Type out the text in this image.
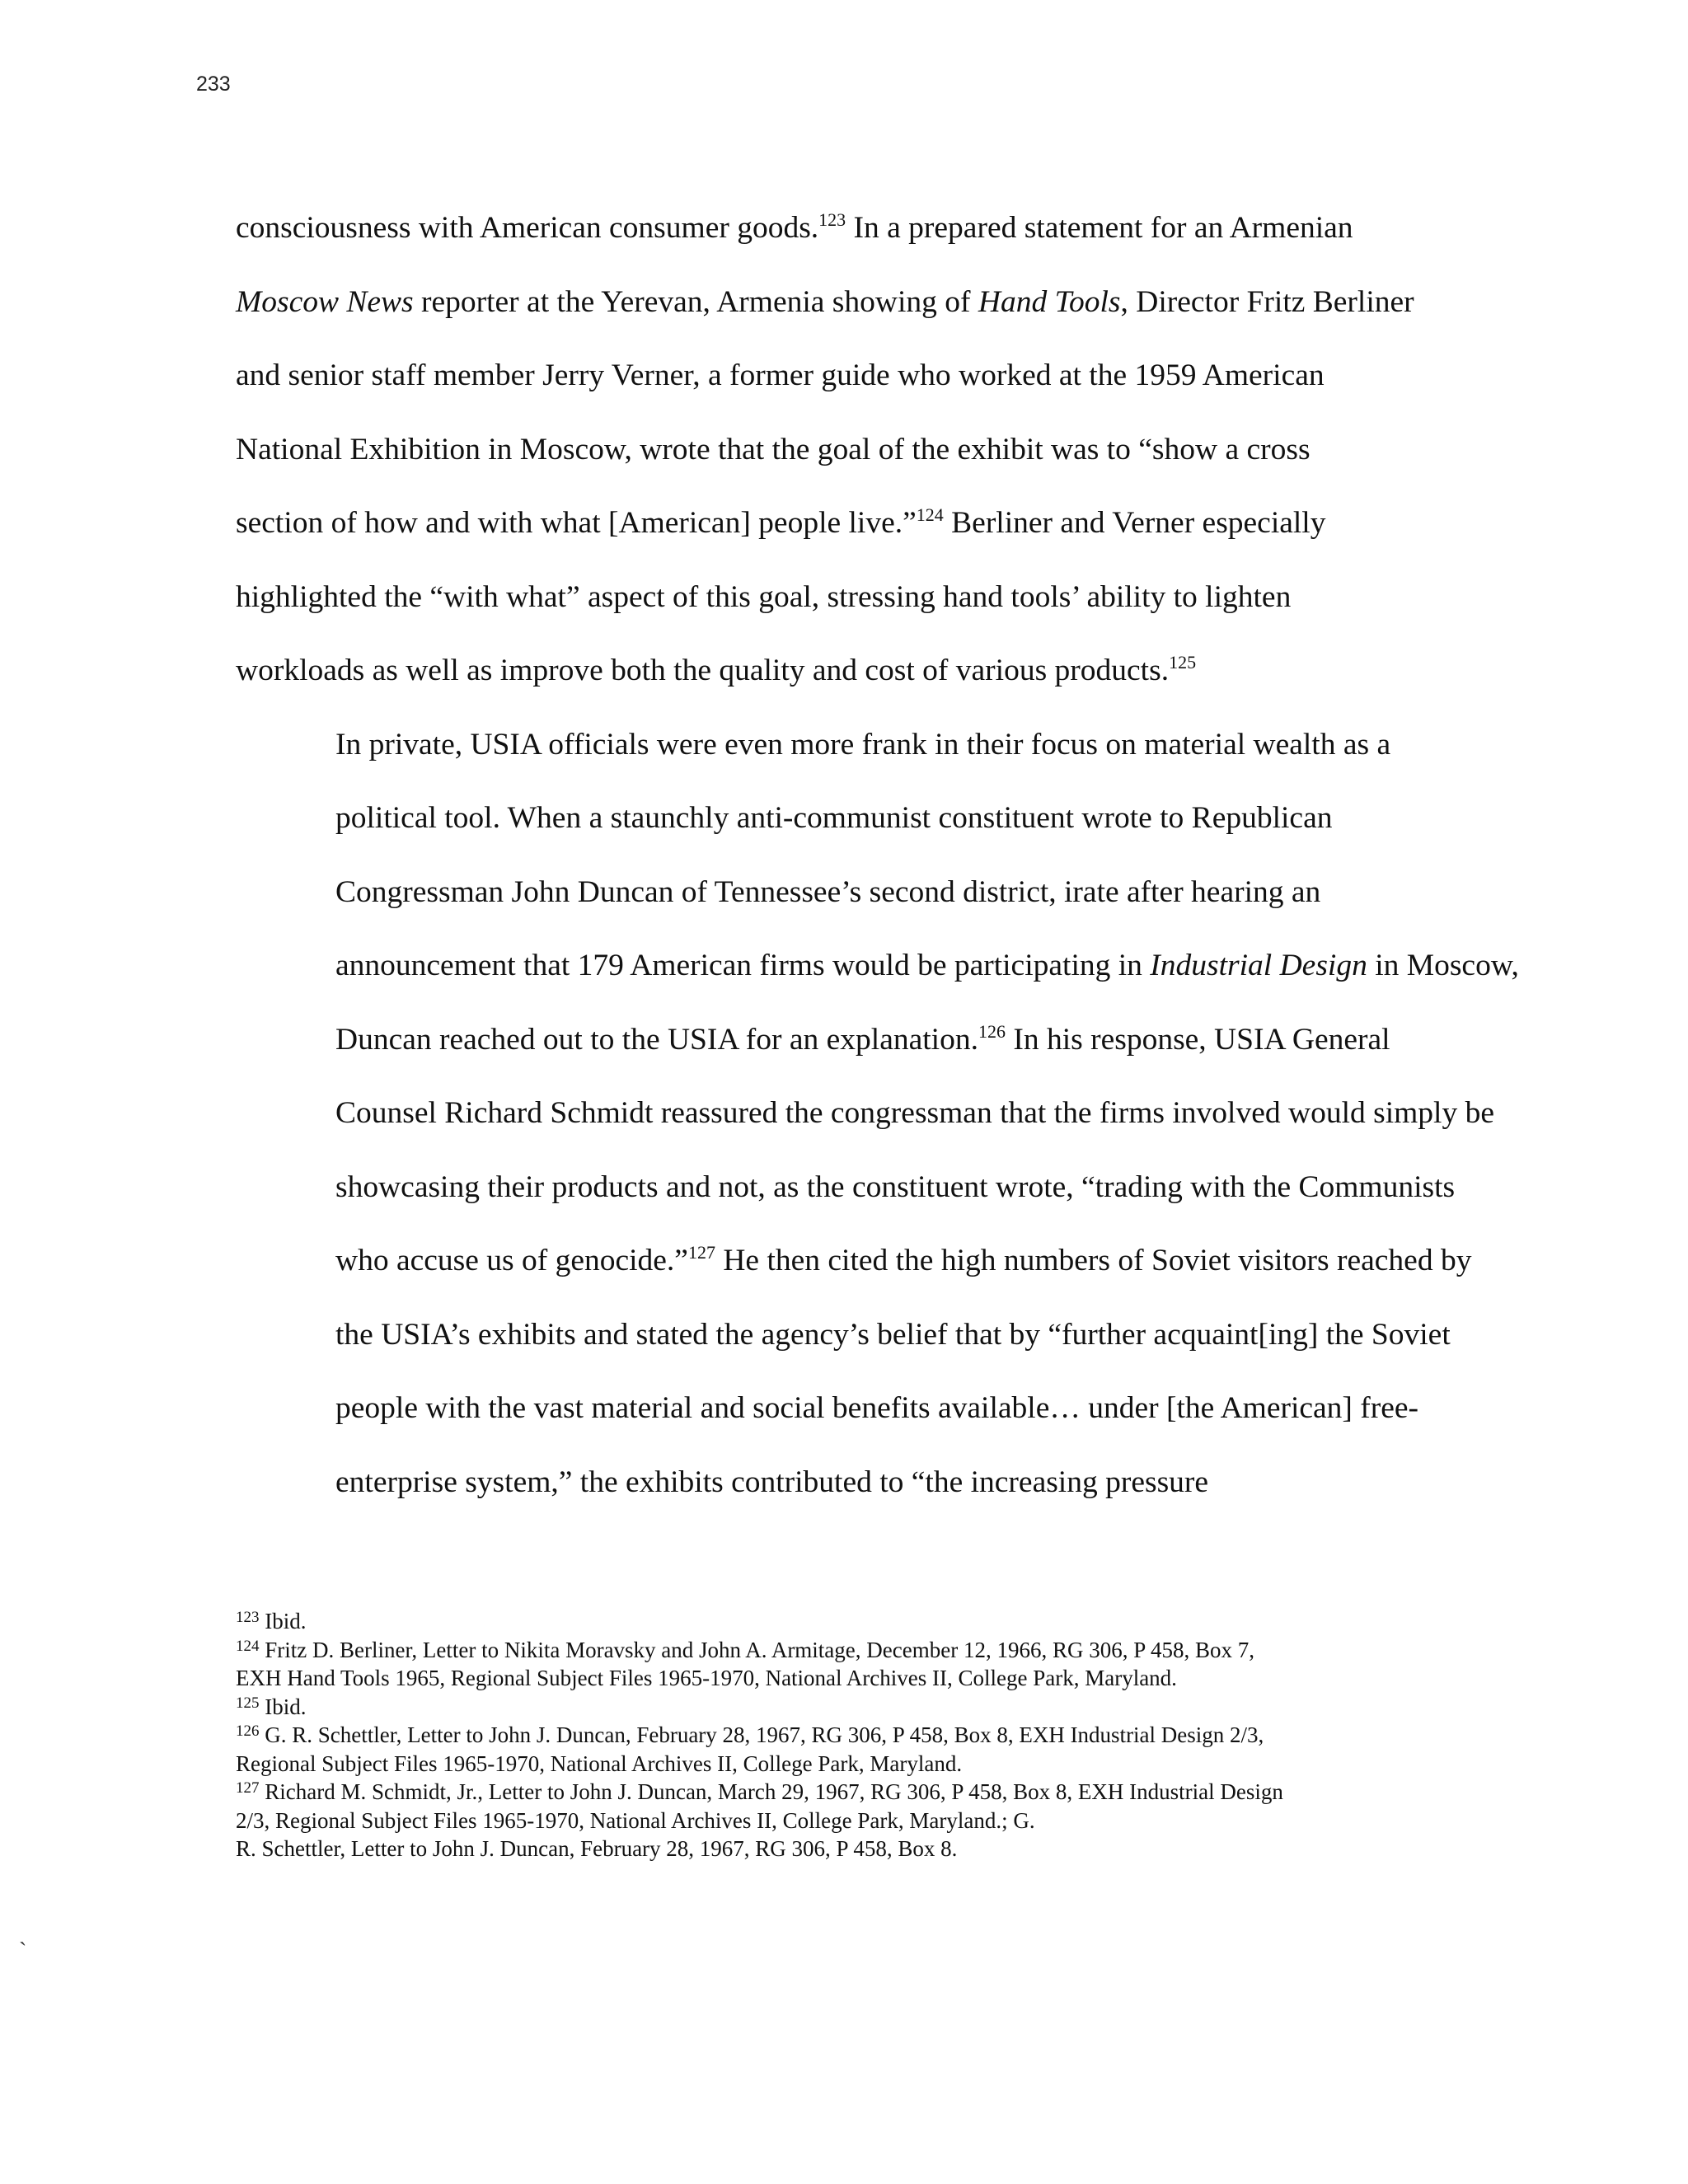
233

consciousness with American consumer goods.$^{123}$ In a prepared statement for an Armenian
Moscow News reporter at the Yerevan, Armenia showing of Hand Tools, Director Fritz Berliner
and senior staff member Jerry Verner, a former guide who worked at the 1959 American
National Exhibition in Moscow, wrote that the goal of the exhibit was to “show a cross
section of how and with what [American] people live.”$^{124}$ Berliner and Verner especially
highlighted the “with what” aspect of this goal, stressing hand tools’ ability to lighten
workloads as well as improve both the quality and cost of various products.$^{125}$

In private, USIA officials were even more frank in their focus on material wealth as a
political tool. When a staunchly anti-communist constituent wrote to Republican
Congressman John Duncan of Tennessee’s second district, irate after hearing an
announcement that 179 American firms would be participating in Industrial Design in Moscow,
Duncan reached out to the USIA for an explanation.$^{126}$ In his response, USIA General
Counsel Richard Schmidt reassured the congressman that the firms involved would simply be
showcasing their products and not, as the constituent wrote, “trading with the Communists
who accuse us of genocide.”$^{127}$ He then cited the high numbers of Soviet visitors reached by
the USIA’s exhibits and stated the agency’s belief that by “further acquaint[ing] the Soviet
people with the vast material and social benefits available… under [the American] free-
enterprise system,” the exhibits contributed to “the increasing pressure

$^{123}$ Ibid.
$^{124}$ Fritz D. Berliner, Letter to Nikita Moravsky and John A. Armitage, December 12, 1966, RG 306, P 458, Box 7,
EXH Hand Tools 1965, Regional Subject Files 1965-1970, National Archives II, College Park, Maryland.
$^{125}$ Ibid.
$^{126}$ G. R. Schettler, Letter to John J. Duncan, February 28, 1967, RG 306, P 458, Box 8, EXH Industrial Design 2/3,
Regional Subject Files 1965-1970, National Archives II, College Park, Maryland.
$^{127}$ Richard M. Schmidt, Jr., Letter to John J. Duncan, March 29, 1967, RG 306, P 458, Box 8, EXH Industrial Design
2/3, Regional Subject Files 1965-1970, National Archives II, College Park, Maryland.; G.
R. Schettler, Letter to John J. Duncan, February 28, 1967, RG 306, P 458, Box 8.
`
